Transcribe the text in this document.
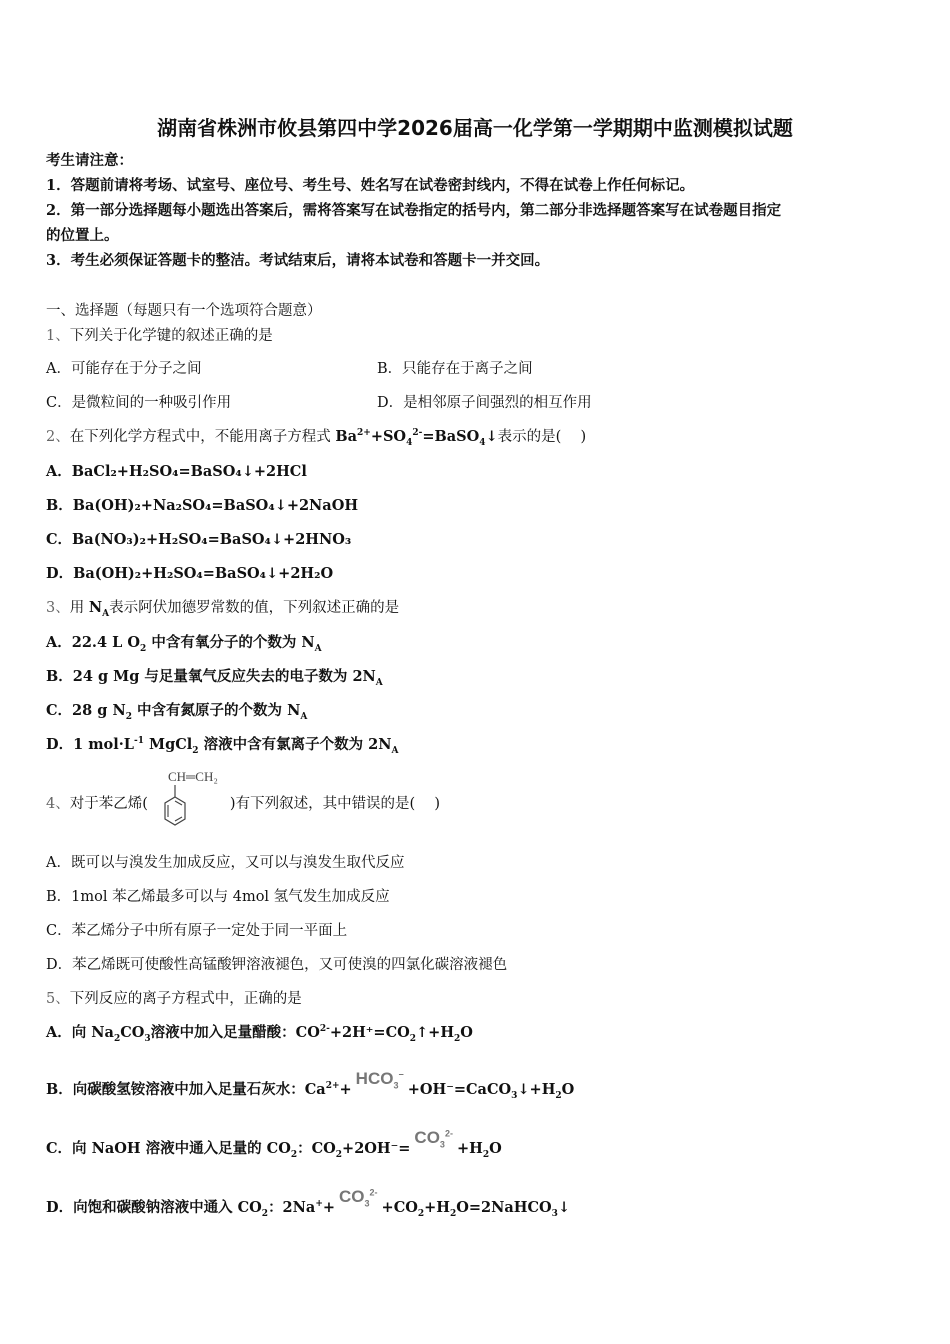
湖南省株洲市攸县第四中学2026届高一化学第一学期期中监测模拟试题
考生请注意：
1．答题前请将考场、试室号、座位号、考生号、姓名写在试卷密封线内，不得在试卷上作任何标记。
2．第一部分选择题每小题选出答案后，需将答案写在试卷指定的括号内，第二部分非选择题答案写在试卷题目指定
的位置上。
3．考生必须保证答题卡的整洁。考试结束后，请将本试卷和答题卡一并交回。
一、选择题（每题只有一个选项符合题意）
1、下列关于化学键的叙述正确的是
A．可能存在于分子之间	B．只能存在于离子之间
C．是微粒间的一种吸引作用	D．是相邻原子间强烈的相互作用
2、在下列化学方程式中，不能用离子方程式 $Ba^{2+}+SO_4^{2-}=BaSO_4↓$表示的是(　 )
A．BaCl₂+H₂SO₄=BaSO₄↓+2HCl
B．Ba(OH)₂+Na₂SO₄=BaSO₄↓+2NaOH
C．Ba(NO₃)₂+H₂SO₄=BaSO₄↓+2HNO₃
D．Ba(OH)₂+H₂SO₄=BaSO₄↓+2H₂O
3、用 $N_A$表示阿伏加德罗常数的值，下列叙述正确的是
A．22.4 L $O_2$ 中含有氧分子的个数为 $N_A$
B．24 g Mg 与足量氧气反应失去的电子数为 $2N_A$
C．28 g $N_2$ 中含有氮原子的个数为 $N_A$
D．1 $mol\cdot L^{-1}$ MgCl$_2$ 溶液中含有氯离子个数为 $2N_A$
4、对于苯乙烯(	)有下列叙述，其中错误的是(　 )
CH═CH₂
A．既可以与溴发生加成反应，又可以与溴发生取代反应
B．1mol 苯乙烯最多可以与 4mol 氢气发生加成反应
C．苯乙烯分子中所有原子一定处于同一平面上
D．苯乙烯既可使酸性高锰酸钾溶液褪色，又可使溴的四氯化碳溶液褪色
5、下列反应的离子方程式中，正确的是
A．向 $Na_2CO_3$溶液中加入足量醋酸：$CO^{2-}+2H^+=CO_2↑+H_2O$
B．向碳酸氢铵溶液中加入足量石灰水：$Ca^{2+}+HCO_3^-+OH^-=CaCO_3↓+H_2O$
C．向 NaOH 溶液中通入足量的 $CO_2$：$CO_2+2OH^-=CO_3^{2-}+H_2O$
D．向饱和碳酸钠溶液中通入 $CO_2$：$2Na^++CO_3^{2-}+CO_2+H_2O=2NaHCO_3↓$
